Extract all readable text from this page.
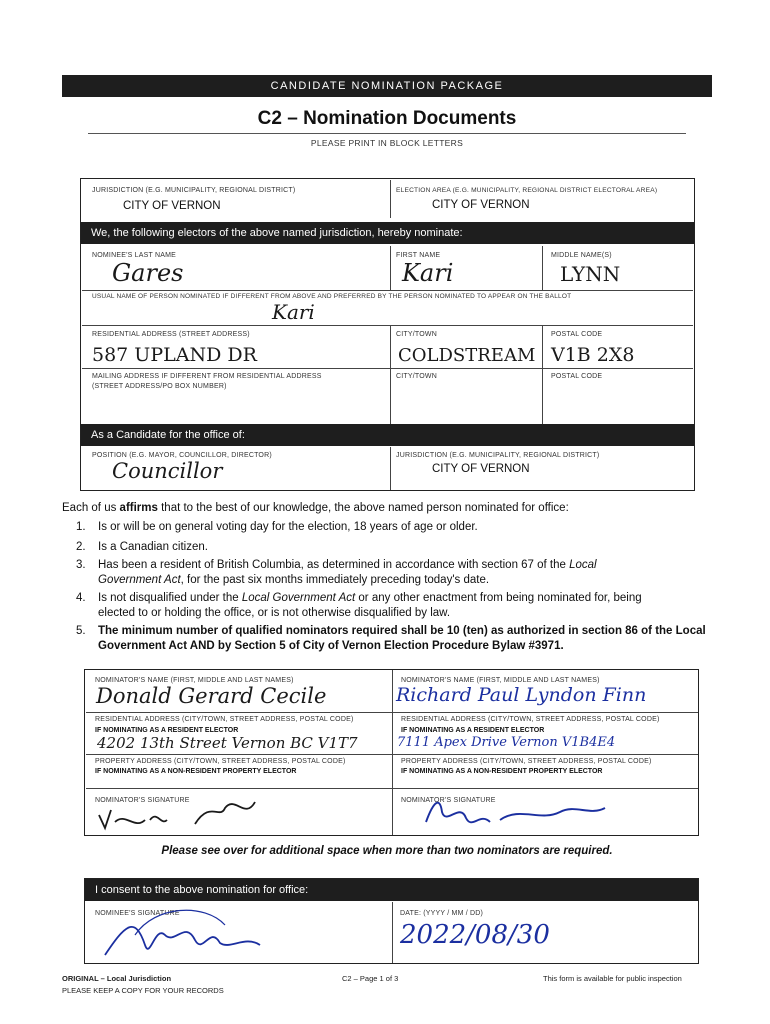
CANDIDATE NOMINATION PACKAGE
C2 – Nomination Documents
PLEASE PRINT IN BLOCK LETTERS
JURISDICTION (E.G. MUNICIPALITY, REGIONAL DISTRICT)
CITY OF VERNON
ELECTION AREA (E.G. MUNICIPALITY, REGIONAL DISTRICT ELECTORAL AREA)
CITY OF VERNON
We, the following electors of the above named jurisdiction, hereby nominate:
NOMINEE'S LAST NAME
Gares
FIRST NAME
Kari
MIDDLE NAME(S)
LYNN
USUAL NAME OF PERSON NOMINATED IF DIFFERENT FROM ABOVE AND PREFERRED BY THE PERSON NOMINATED TO APPEAR ON THE BALLOT
Kari
RESIDENTIAL ADDRESS (STREET ADDRESS)
587 UPLAND DR
CITY/TOWN
COLDSTREAM
POSTAL CODE
V1B 2X8
MAILING ADDRESS IF DIFFERENT FROM RESIDENTIAL ADDRESS
(STREET ADDRESS/PO BOX NUMBER)
CITY/TOWN	POSTAL CODE
As a Candidate for the office of:
POSITION (E.G. MAYOR, COUNCILLOR, DIRECTOR)
Councillor
JURISDICTION (E.G. MUNICIPALITY, REGIONAL DISTRICT)
CITY OF VERNON
Each of us affirms that to the best of our knowledge, the above named person nominated for office:
1. Is or will be on general voting day for the election, 18 years of age or older.
2. Is a Canadian citizen.
3. Has been a resident of British Columbia, as determined in accordance with section 67 of the Local
Government Act, for the past six months immediately preceding today's date.
4. Is not disqualified under the Local Government Act or any other enactment from being nominated for, being
elected to or holding the office, or is not otherwise disqualified by law.
5. The minimum number of qualified nominators required shall be 10 (ten) as authorized in section 86 of the Local
Government Act AND by Section 5 of City of Vernon Election Procedure Bylaw #3971.
NOMINATOR'S NAME (FIRST, MIDDLE AND LAST NAMES)
Donald Gerard Cecile
RESIDENTIAL ADDRESS (CITY/TOWN, STREET ADDRESS, POSTAL CODE)
IF NOMINATING AS A RESIDENT ELECTOR
4202 13th Street Vernon BC V1T7
PROPERTY ADDRESS (CITY/TOWN, STREET ADDRESS, POSTAL CODE)
IF NOMINATING AS A NON-RESIDENT PROPERTY ELECTOR
NOMINATOR'S SIGNATURE
NOMINATOR'S NAME (FIRST, MIDDLE AND LAST NAMES)
Richard Paul Lyndon Finn
RESIDENTIAL ADDRESS (CITY/TOWN, STREET ADDRESS, POSTAL CODE)
IF NOMINATING AS A RESIDENT ELECTOR
7111 Apex Drive Vernon V1B4E4
PROPERTY ADDRESS (CITY/TOWN, STREET ADDRESS, POSTAL CODE)
IF NOMINATING AS A NON-RESIDENT PROPERTY ELECTOR
NOMINATOR'S SIGNATURE
Please see over for additional space when more than two nominators are required.
I consent to the above nomination for office:
NOMINEE'S SIGNATURE	DATE: (YYYY / MM / DD)
2022/08/30
ORIGINAL – Local Jurisdiction
PLEASE KEEP A COPY FOR YOUR RECORDS
C2 – Page 1 of 3	This form is available for public inspection
